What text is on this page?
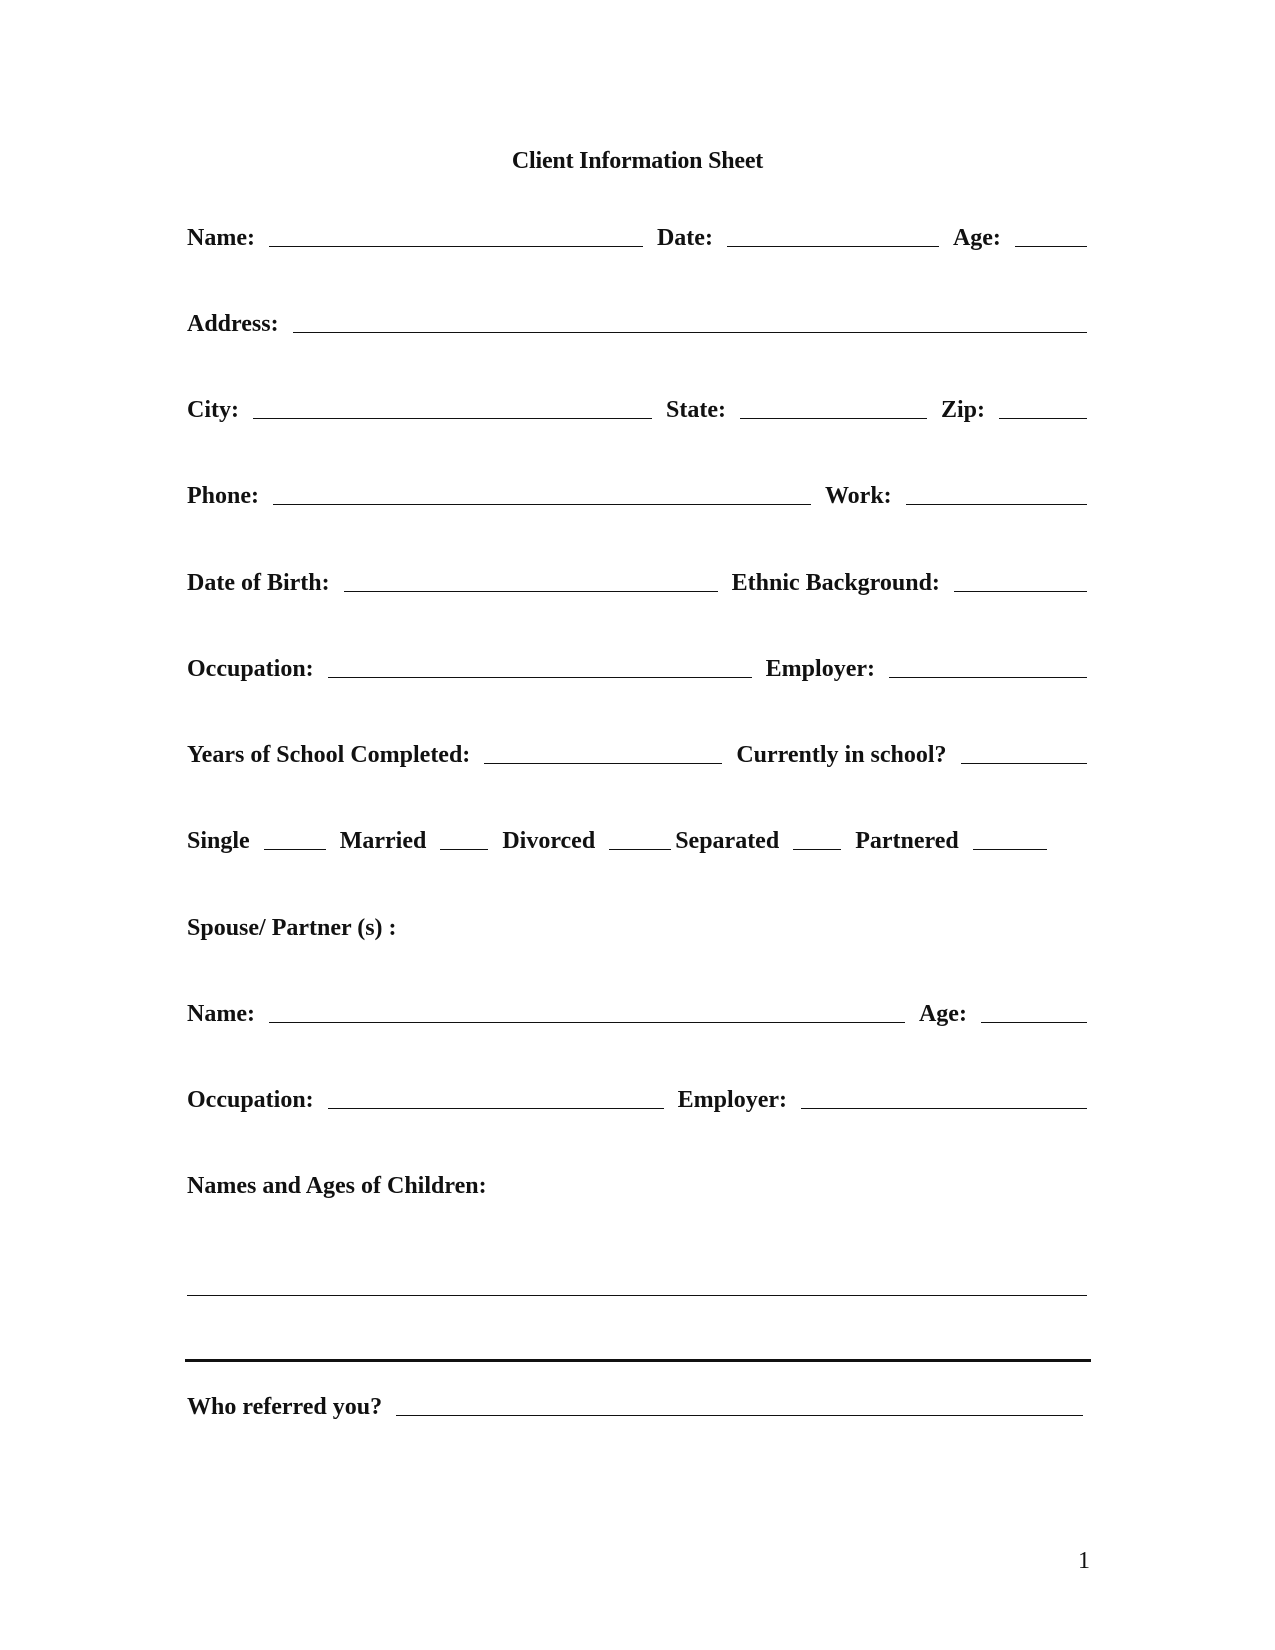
Client Information Sheet
Name:	Date:	Age:
Address:
City:	State:	Zip:
Phone:	Work:
Date of Birth:	Ethnic Background:
Occupation:	Employer:
Years of School Completed:	Currently in school?
Single	Married	Divorced	Separated	Partnered
Spouse/ Partner (s) :
Name:	Age:
Occupation:	Employer:
Names and Ages of Children:
Who referred you?
1
